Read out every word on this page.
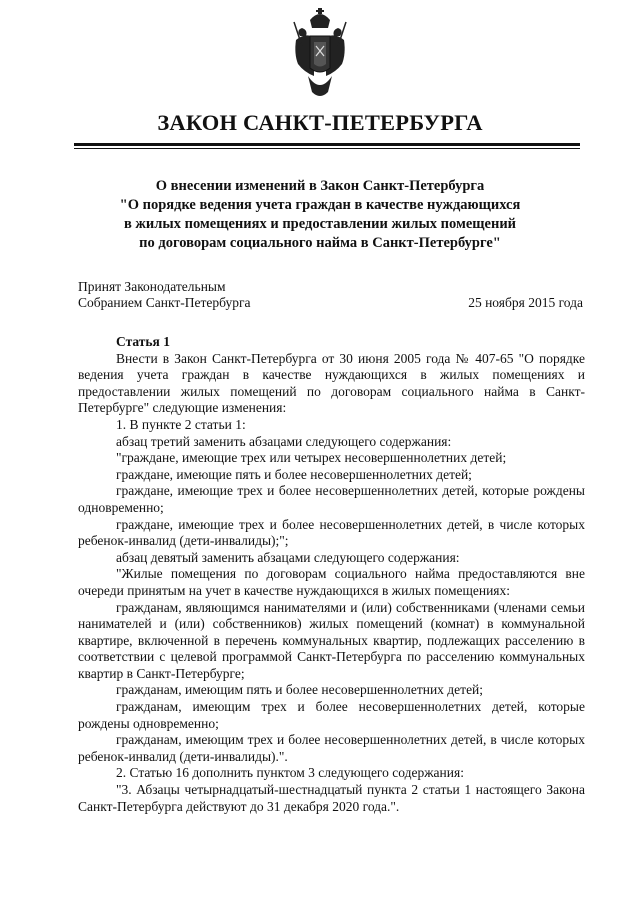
ЗАКОН САНКТ-ПЕТЕРБУРГА
О внесении изменений в Закон Санкт-Петербурга
"О порядке ведения учета граждан в качестве нуждающихся
в жилых помещениях и предоставлении жилых помещений
по договорам социального найма в Санкт-Петербурге"
Принят Законодательным
Собранием Санкт-Петербурга	25 ноября 2015 года

Статья 1

Внести в Закон Санкт-Петербурга от 30 июня 2005 года № 407-65 "О порядке ведения учета граждан в качестве нуждающихся в жилых помещениях и предоставлении жилых помещений по договорам социального найма в Санкт-Петербурге" следующие изменения:

1. В пункте 2 статьи 1:

абзац третий заменить абзацами следующего содержания:

"граждане, имеющие трех или четырех несовершеннолетних детей;

граждане, имеющие пять и более несовершеннолетних детей;

граждане, имеющие трех и более несовершеннолетних детей, которые рождены одновременно;

граждане, имеющие трех и более несовершеннолетних детей, в числе которых ребенок-инвалид (дети-инвалиды);";

абзац девятый заменить абзацами следующего содержания:

"Жилые помещения по договорам социального найма предоставляются вне очереди принятым на учет в качестве нуждающихся в жилых помещениях:

гражданам, являющимся нанимателями и (или) собственниками (членами семьи нанимателей и (или) собственников) жилых помещений (комнат) в коммунальной квартире, включенной в перечень коммунальных квартир, подлежащих расселению в соответствии с целевой программой Санкт-Петербурга по расселению коммунальных квартир в Санкт-Петербурге;

гражданам, имеющим пять и более несовершеннолетних детей;

гражданам, имеющим трех и более несовершеннолетних детей, которые рождены одновременно;

гражданам, имеющим трех и более несовершеннолетних детей, в числе которых ребенок-инвалид (дети-инвалиды).".

2. Статью 16 дополнить пунктом 3 следующего содержания:

"3. Абзацы четырнадцатый-шестнадцатый пункта 2 статьи 1 настоящего Закона Санкт-Петербурга действуют до 31 декабря 2020 года.".
